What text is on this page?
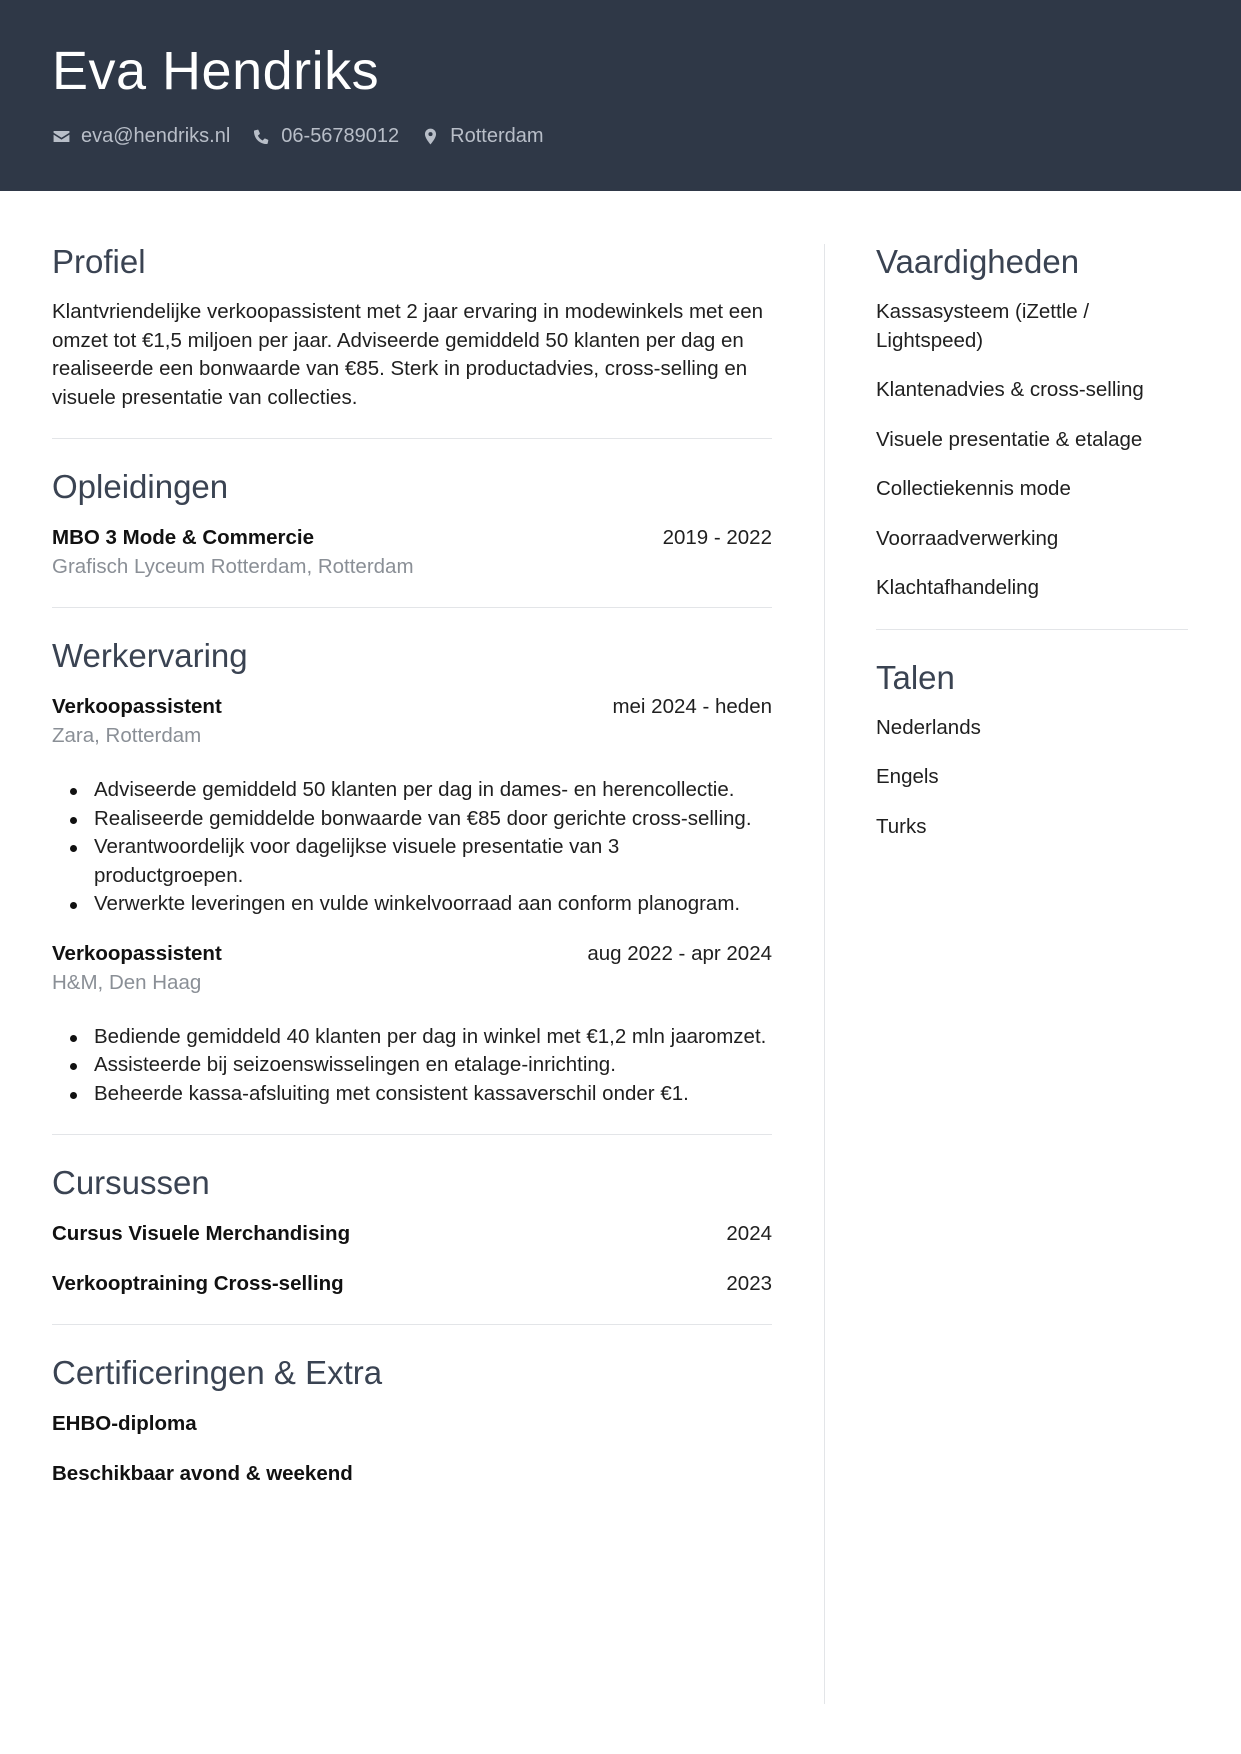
Eva Hendriks
eva@hendriks.nl	06-56789012	Rotterdam
Profiel

Klantvriendelijke verkoopassistent met 2 jaar ervaring in modewinkels met een omzet tot €1,5 miljoen per jaar. Adviseerde gemiddeld 50 klanten per dag en realiseerde een bonwaarde van €85. Sterk in productadvies, cross-selling en visuele presentatie van collecties.

Opleidingen
MBO 3 Mode & Commercie	2019 - 2022
Grafisch Lyceum Rotterdam, Rotterdam
Werkervaring
Verkoopassistent	mei 2024 - heden
Zara, Rotterdam
Adviseerde gemiddeld 50 klanten per dag in dames- en herencollectie.
Realiseerde gemiddelde bonwaarde van €85 door gerichte cross-selling.
Verantwoordelijk voor dagelijkse visuele presentatie van 3 productgroepen.
Verwerkte leveringen en vulde winkelvoorraad aan conform planogram.
Verkoopassistent	aug 2022 - apr 2024
H&M, Den Haag
Bediende gemiddeld 40 klanten per dag in winkel met €1,2 mln jaaromzet.
Assisteerde bij seizoenswisselingen en etalage-inrichting.
Beheerde kassa-afsluiting met consistent kassaverschil onder €1.
Cursussen
Cursus Visuele Merchandising	2024
Verkooptraining Cross-selling	2023
Certificeringen & Extra
EHBO-diploma
Beschikbaar avond & weekend
Vaardigheden
Kassasysteem (iZettle / Lightspeed)
Klantenadvies & cross-selling
Visuele presentatie & etalage
Collectiekennis mode
Voorraadverwerking
Klachtafhandeling
Talen
Nederlands
Engels
Turks
